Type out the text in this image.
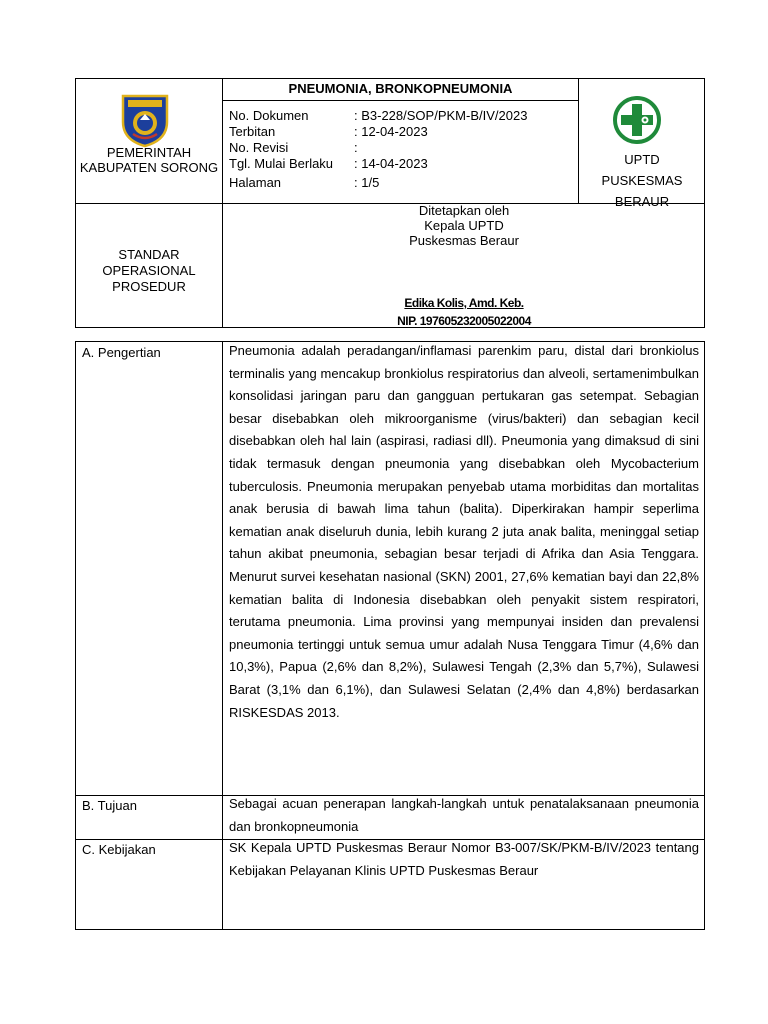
PEMERINTAH KABUPATEN SORONG
PNEUMONIA, BRONKOPNEUMONIA
No. Dokumen	: B3-228/SOP/PKM-B/IV/2023
Terbitan	: 12-04-2023
No. Revisi	:
Tgl. Mulai Berlaku : 14-04-2023
Halaman	: 1/5
UPTD
PUSKESMAS
BERAUR
STANDAR OPERASIONAL PROSEDUR
Ditetapkan oleh
Kepala UPTD
Puskesmas Beraur
Edika Kolis, Amd. Keb.
NIP. 197605232005022004
A. Pengertian	Pneumonia adalah peradangan/inflamasi parenkim paru, distal dari bronkiolus terminalis yang mencakup bronkiolus respiratorius dan alveoli, sertamenimbulkan konsolidasi jaringan paru dan gangguan pertukaran gas setempat. Sebagian besar disebabkan oleh mikroorganisme (virus/bakteri) dan sebagian kecil disebabkan oleh hal lain (aspirasi, radiasi dll). Pneumonia yang dimaksud di sini tidak termasuk dengan pneumonia yang disebabkan oleh Mycobacterium tuberculosis. Pneumonia merupakan penyebab utama morbiditas dan mortalitas anak berusia di bawah lima tahun (balita). Diperkirakan hampir seperlima kematian anak diseluruh dunia, lebih kurang 2 juta anak balita, meninggal setiap tahun akibat pneumonia, sebagian besar terjadi di Afrika dan Asia Tenggara. Menurut survei kesehatan nasional (SKN) 2001, 27,6% kematian bayi dan 22,8% kematian balita di Indonesia disebabkan oleh penyakit sistem respiratori, terutama pneumonia. Lima provinsi yang mempunyai insiden dan prevalensi pneumonia tertinggi untuk semua umur adalah Nusa Tenggara Timur (4,6% dan 10,3%), Papua (2,6% dan 8,2%), Sulawesi Tengah (2,3% dan 5,7%), Sulawesi Barat (3,1% dan 6,1%), dan Sulawesi Selatan (2,4% dan 4,8%) berdasarkan RISKESDAS 2013.
B. Tujuan	Sebagai acuan penerapan langkah-langkah untuk penatalaksanaan pneumonia dan bronkopneumonia
C. Kebijakan	SK Kepala UPTD Puskesmas Beraur Nomor B3-007/SK/PKM-B/IV/2023 tentang Kebijakan Pelayanan Klinis UPTD Puskesmas Beraur
